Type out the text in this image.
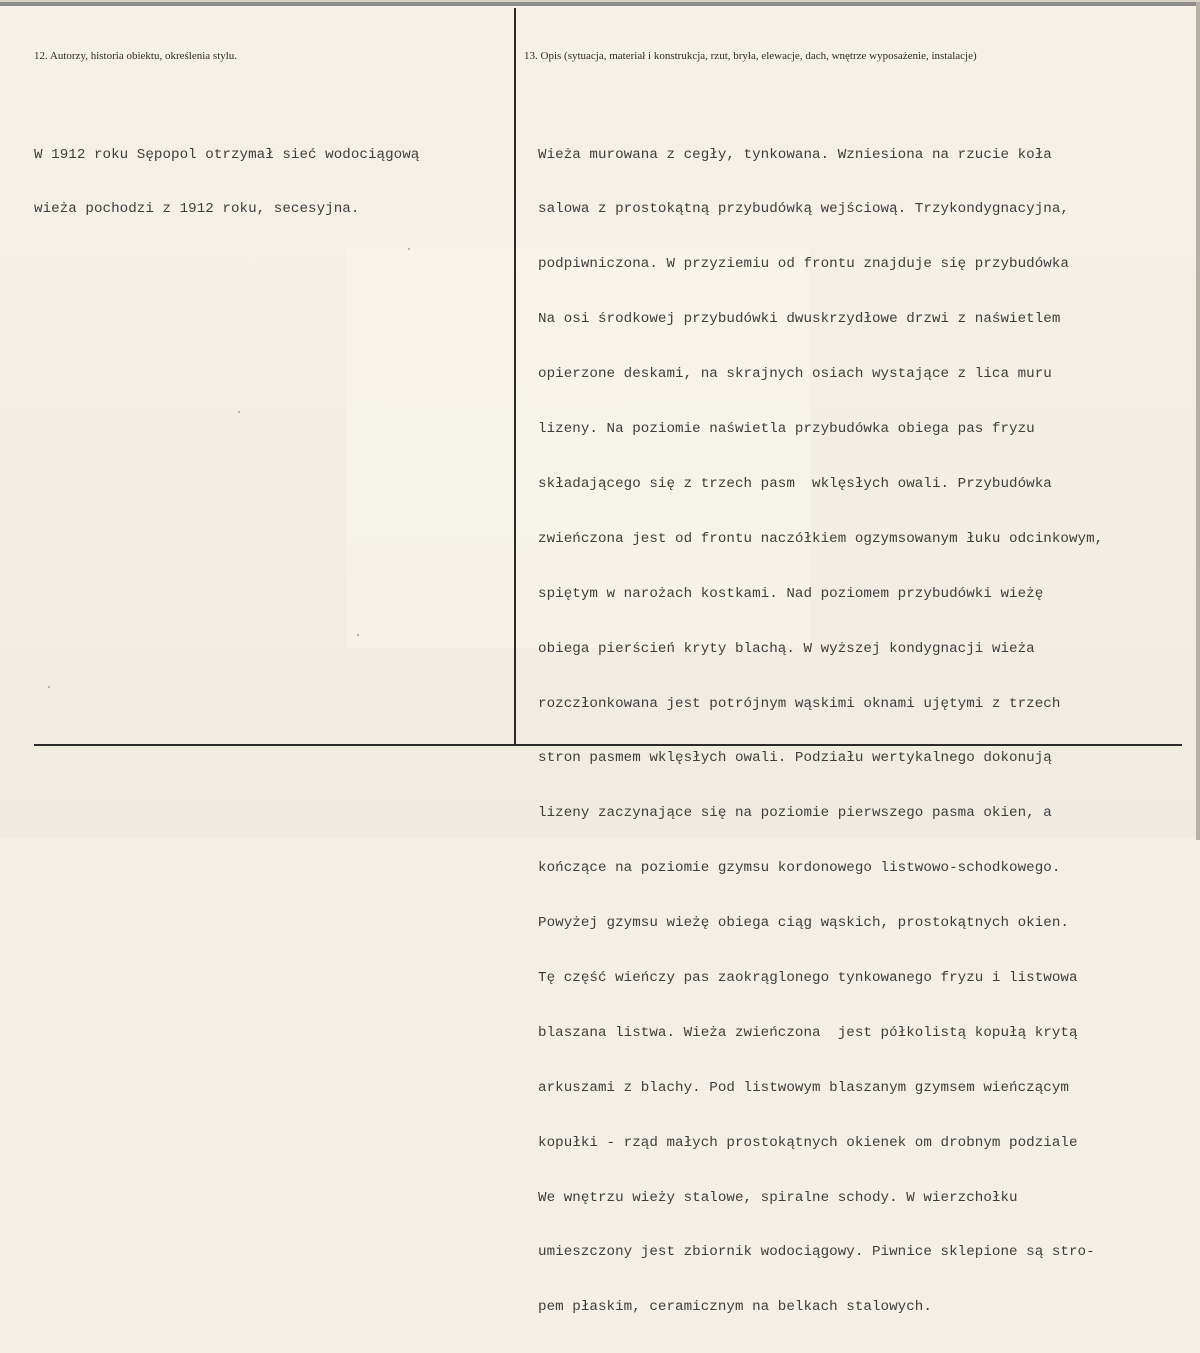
12. Autorzy, historia obiektu, określenia stylu.	13. Opis (sytuacja, materiał i konstrukcja, rzut, bryła, elewacje, dach, wnętrze wyposażenie, instalacje)

W 1912 roku Sępopol otrzymał sieć wodociągową

wieża pochodzi z 1912 roku, secesyjna.

Wieża murowana z cegły, tynkowana. Wzniesiona na rzucie koła

salowa z prostokątną przybudówką wejściową. Trzykondygnacyjna,

podpiwniczona. W przyziemiu od frontu znajduje się przybudówka

Na osi środkowej przybudówki dwuskrzydłowe drzwi z naświetlem

opierzone deskami, na skrajnych osiach wystające z lica muru

lizeny. Na poziomie naświetla przybudówka obiega pas fryzu

składającego się z trzech pasm  wklęsłych owali. Przybudówka

zwieńczona jest od frontu naczółkiem ogzymsowanym łuku odcinkowym,

spiętym w narożach kostkami. Nad poziomem przybudówki wieżę

obiega pierścień kryty blachą. W wyższej kondygnacji wieża

rozczłonkowana jest potrójnym wąskimi oknami ujętymi z trzech

stron pasmem wklęsłych owali. Podziału wertykalnego dokonują

lizeny zaczynające się na poziomie pierwszego pasma okien, a

kończące na poziomie gzymsu kordonowego listwowo-schodkowego.

Powyżej gzymsu wieżę obiega ciąg wąskich, prostokątnych okien.

Tę część wieńczy pas zaokrąglonego tynkowanego fryzu i listwowa

blaszana listwa. Wieża zwieńczona  jest półkolistą kopułą krytą

arkuszami z blachy. Pod listwowym blaszanym gzymsem wieńczącym

kopułki - rząd małych prostokątnych okienek om drobnym podziale

We wnętrzu wieży stalowe, spiralne schody. W wierzchołku

umieszczony jest zbiornik wodociągowy. Piwnice sklepione są stro-

pem płaskim, ceramicznym na belkach stalowych.
